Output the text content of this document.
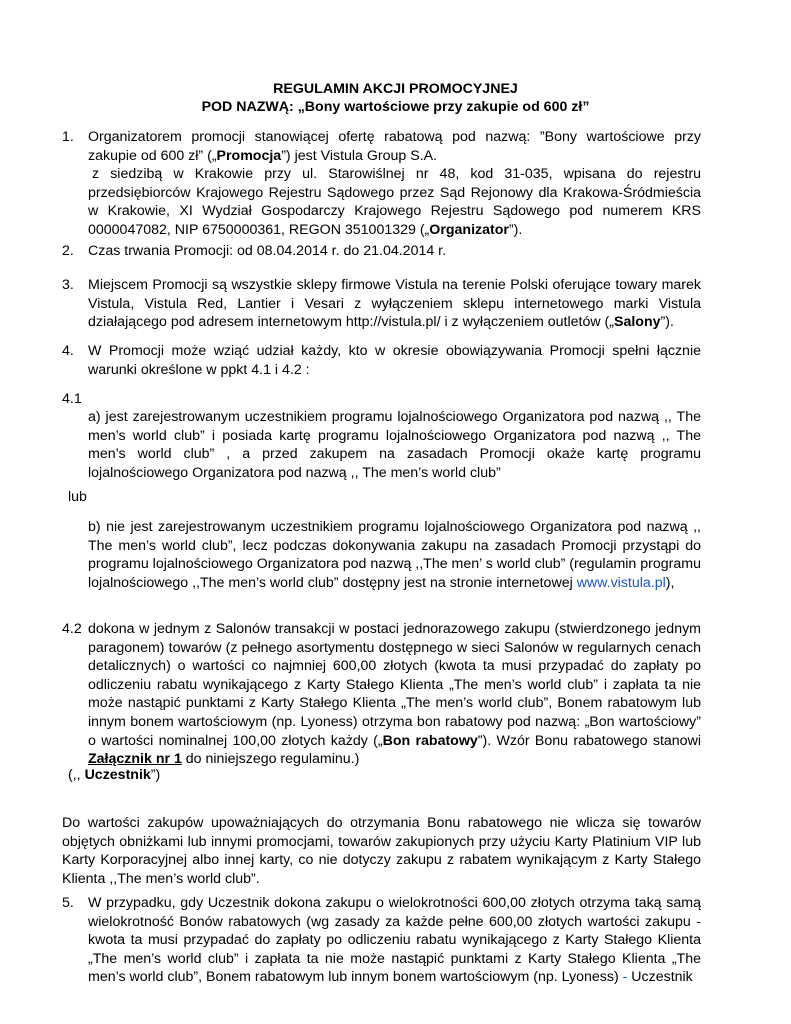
REGULAMIN AKCJI PROMOCYJNEJ
POD NAZWĄ: „Bony wartościowe przy zakupie od 600 zł”
1. Organizatorem promocji stanowiącej ofertę rabatową pod nazwą: ”Bony wartościowe przy zakupie od 600 zł” („Promocja”) jest Vistula Group S.A.
z siedzibą w Krakowie przy ul. Starowiślnej nr 48, kod 31-035, wpisana do rejestru przedsiębiorców Krajowego Rejestru Sądowego przez Sąd Rejonowy dla Krakowa-Śródmieścia w Krakowie, XI Wydział Gospodarczy Krajowego Rejestru Sądowego pod numerem KRS 0000047082, NIP 6750000361, REGON 351001329 („Organizator”).

2. Czas trwania Promocji: od 08.04.2014 r. do 21.04.2014 r.
3. Miejscem Promocji są wszystkie sklepy firmowe Vistula na terenie Polski oferujące towary marek Vistula, Vistula Red, Lantier i Vesari z wyłączeniem sklepu internetowego marki Vistula działającego pod adresem internetowym http://vistula.pl/ i z wyłączeniem outletów („Salony”).

4. W Promocji może wziąć udział każdy, kto w okresie obowiązywania Promocji spełni łącznie warunki określone w ppkt 4.1 i 4.2 :
4.1
a) jest zarejestrowanym uczestnikiem programu lojalnościowego Organizatora pod nazwą ,, The men’s world club” i posiada kartę programu lojalnościowego Organizatora pod nazwą ,, The men’s world club” , a przed zakupem na zasadach Promocji okaże kartę programu lojalnościowego Organizatora pod nazwą ,, The men’s world club”
lub

b) nie jest zarejestrowanym uczestnikiem programu lojalnościowego Organizatora pod nazwą ,, The men’s world club”, lecz podczas dokonywania zakupu na zasadach Promocji przystąpi do programu lojalnościowego Organizatora pod nazwą ,,The men’ s world club” (regulamin programu lojalnościowego ,,The men’s world club” dostępny jest na stronie internetowej www.vistula.pl),

4.2 dokona w jednym z Salonów transakcji w postaci jednorazowego zakupu (stwierdzonego jednym paragonem) towarów (z pełnego asortymentu dostępnego w sieci Salonów w regularnych cenach detalicznych) o wartości co najmniej 600,00 złotych (kwota ta musi przypadać do zapłaty po odliczeniu rabatu wynikającego z Karty Stałego Klienta „The men’s world club” i zapłata ta nie może nastąpić punktami z Karty Stałego Klienta „The men’s world club”, Bonem rabatowym lub innym bonem wartościowym (np. Lyoness) otrzyma bon rabatowy pod nazwą: „Bon wartościowy” o wartości nominalnej 100,00 złotych każdy („Bon rabatowy”). Wzór Bonu rabatowego stanowi Załącznik nr 1 do niniejszego regulaminu.)

(,, Uczestnik”)
Do wartości zakupów upoważniających do otrzymania Bonu rabatowego nie wlicza się towarów objętych obniżkami lub innymi promocjami, towarów zakupionych przy użyciu Karty Platinium VIP lub Karty Korporacyjnej albo innej karty, co nie dotyczy zakupu z rabatem wynikającym z Karty Stałego Klienta ,,The men’s world club”.
5. W przypadku, gdy Uczestnik dokona zakupu o wielokrotności 600,00 złotych otrzyma taką samą wielokrotność Bonów rabatowych (wg zasady za każde pełne 600,00 złotych wartości zakupu - kwota ta musi przypadać do zapłaty po odliczeniu rabatu wynikającego z Karty Stałego Klienta „The men’s world club” i zapłata ta nie może nastąpić punktami z Karty Stałego Klienta „The men’s world club”, Bonem rabatowym lub innym bonem wartościowym (np. Lyoness) - Uczestnik
